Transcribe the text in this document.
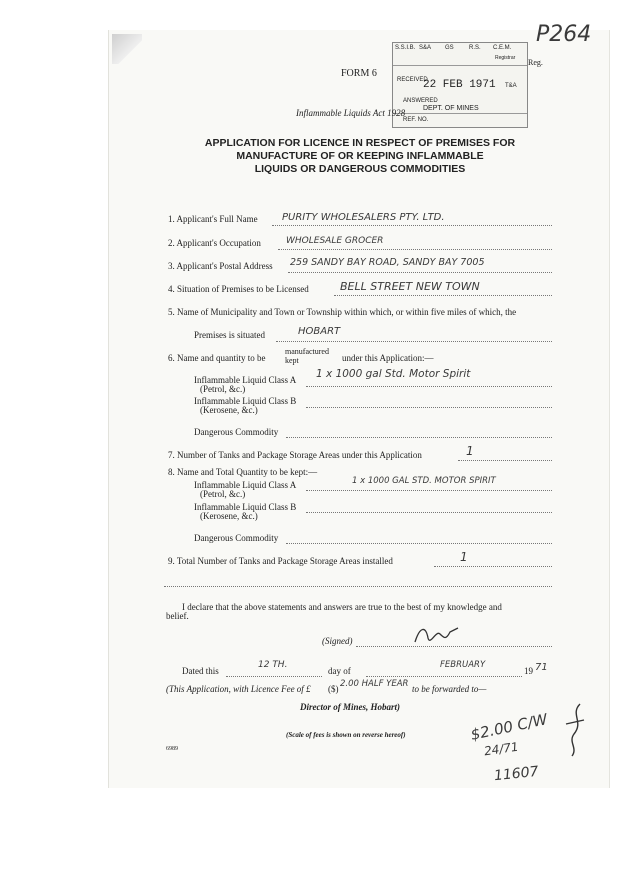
P264
S.S.I.B. S&A GS	R.S. C.E.M.
Registrar
RECEIVED
22 FEB 1971 T&A
ANSWERED
DEPT. OF MINES
REF. NO.
Reg.
FORM 6
Inflammable Liquids Act 1928
APPLICATION FOR LICENCE IN RESPECT OF PREMISES FOR
MANUFACTURE OF OR KEEPING INFLAMMABLE
LIQUIDS OR DANGEROUS COMMODITIES
1. Applicant's Full Name PURITY WHOLESALERS PTY. LTD.
2. Applicant's Occupation	WHOLESALE GROCER
3. Applicant's Postal Address 259 SANDY BAY ROAD, SANDY BAY 7005
4. Situation of Premises to be Licensed	BELL STREET NEW TOWN
5. Name of Municipality and Town or Township within which, or within five miles of which, the
Premises is situated	HOBART
6. Name and quantity to be
manufactured
kept	under this Application:—
Inflammable Liquid Class A
(Petrol, &c.)
1 x 1000 gal Std. Motor Spirit
Inflammable Liquid Class B
(Kerosene, &c.)
Dangerous Commodity
7. Number of Tanks and Package Storage Areas under this Application	1
8. Name and Total Quantity to be kept:—
Inflammable Liquid Class A
(Petrol, &c.)
1 x 1000 GAL STD. MOTOR SPIRIT
Inflammable Liquid Class B
(Kerosene, &c.)
Dangerous Commodity
9. Total Number of Tanks and Package Storage Areas installed	1
I declare that the above statements and answers are true to the best of my knowledge and
belief.
(Signed)
Dated this
12 TH.
day of
FEBRUARY
19 71
(This Application, with Licence Fee of £ ($) 2.00 HALF YEAR to be forwarded to—
Director of Mines, Hobart)
(Scale of fees is shown on reverse hereof)
6989
$2.00 C/W
24/71
11607
